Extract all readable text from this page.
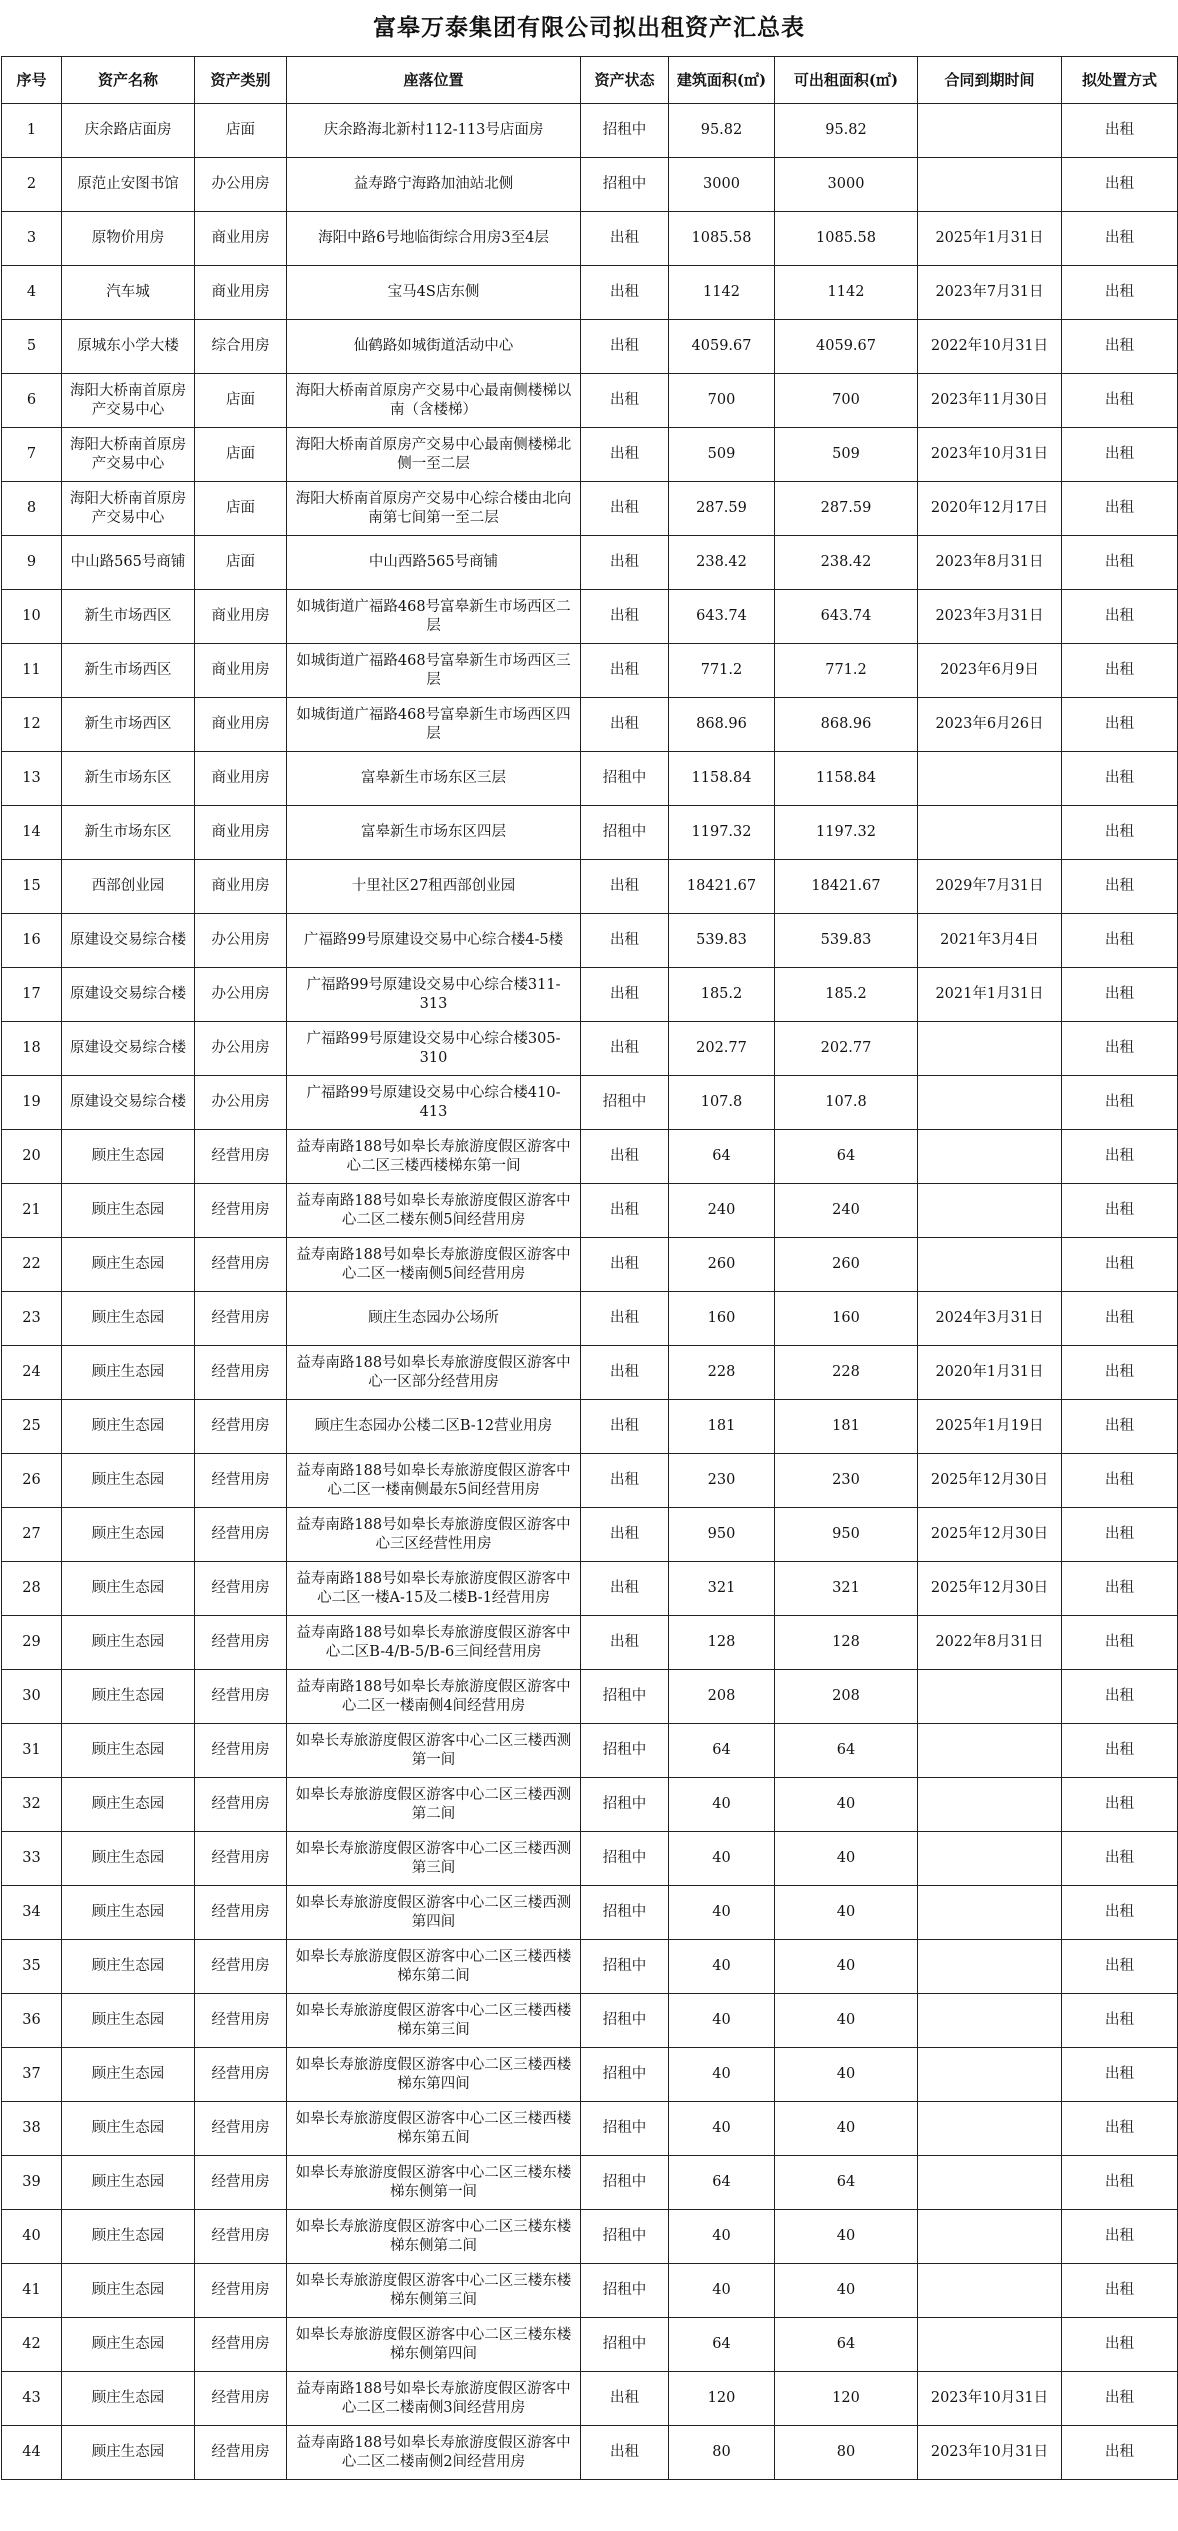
富皋万泰集团有限公司拟出租资产汇总表
序号	资产名称	资产类别	座落位置	资产状态	建筑面积(㎡)	可出租面积(㎡)	合同到期时间	拟处置方式
1	庆余路店面房	店面	庆余路海北新村112-113号店面房	招租中	95.82	95.82		出租
2	原范止安图书馆	办公用房	益寿路宁海路加油站北侧	招租中	3000	3000		出租
3	原物价用房	商业用房	海阳中路6号地临街综合用房3至4层	出租	1085.58	1085.58	2025年1月31日	出租
4	汽车城	商业用房	宝马4S店东侧	出租	1142	1142	2023年7月31日	出租
5	原城东小学大楼	综合用房	仙鹤路如城街道活动中心	出租	4059.67	4059.67	2022年10月31日	出租
6	海阳大桥南首原房产交易中心	店面	海阳大桥南首原房产交易中心最南侧楼梯以南（含楼梯）	出租	700	700	2023年11月30日	出租
7	海阳大桥南首原房产交易中心	店面	海阳大桥南首原房产交易中心最南侧楼梯北侧一至二层	出租	509	509	2023年10月31日	出租
8	海阳大桥南首原房产交易中心	店面	海阳大桥南首原房产交易中心综合楼由北向南第七间第一至二层	出租	287.59	287.59	2020年12月17日	出租
9	中山路565号商铺	店面	中山西路565号商铺	出租	238.42	238.42	2023年8月31日	出租
10	新生市场西区	商业用房	如城街道广福路468号富皋新生市场西区二层	出租	643.74	643.74	2023年3月31日	出租
11	新生市场西区	商业用房	如城街道广福路468号富皋新生市场西区三层	出租	771.2	771.2	2023年6月9日	出租
12	新生市场西区	商业用房	如城街道广福路468号富皋新生市场西区四层	出租	868.96	868.96	2023年6月26日	出租
13	新生市场东区	商业用房	富皋新生市场东区三层	招租中	1158.84	1158.84		出租
14	新生市场东区	商业用房	富皋新生市场东区四层	招租中	1197.32	1197.32		出租
15	西部创业园	商业用房	十里社区27租西部创业园	出租	18421.67	18421.67	2029年7月31日	出租
16	原建设交易综合楼	办公用房	广福路99号原建设交易中心综合楼4-5楼	出租	539.83	539.83	2021年3月4日	出租
17	原建设交易综合楼	办公用房	广福路99号原建设交易中心综合楼311-313	出租	185.2	185.2	2021年1月31日	出租
18	原建设交易综合楼	办公用房	广福路99号原建设交易中心综合楼305-310	出租	202.77	202.77		出租
19	原建设交易综合楼	办公用房	广福路99号原建设交易中心综合楼410-413	招租中	107.8	107.8		出租
20	顾庄生态园	经营用房	益寿南路188号如皋长寿旅游度假区游客中心二区三楼西楼梯东第一间	出租	64	64		出租
21	顾庄生态园	经营用房	益寿南路188号如皋长寿旅游度假区游客中心二区二楼东侧5间经营用房	出租	240	240		出租
22	顾庄生态园	经营用房	益寿南路188号如皋长寿旅游度假区游客中心二区一楼南侧5间经营用房	出租	260	260		出租
23	顾庄生态园	经营用房	顾庄生态园办公场所	出租	160	160	2024年3月31日	出租
24	顾庄生态园	经营用房	益寿南路188号如皋长寿旅游度假区游客中心一区部分经营用房	出租	228	228	2020年1月31日	出租
25	顾庄生态园	经营用房	顾庄生态园办公楼二区B-12营业用房	出租	181	181	2025年1月19日	出租
26	顾庄生态园	经营用房	益寿南路188号如皋长寿旅游度假区游客中心二区一楼南侧最东5间经营用房	出租	230	230	2025年12月30日	出租
27	顾庄生态园	经营用房	益寿南路188号如皋长寿旅游度假区游客中心三区经营性用房	出租	950	950	2025年12月30日	出租
28	顾庄生态园	经营用房	益寿南路188号如皋长寿旅游度假区游客中心二区一楼A-15及二楼B-1经营用房	出租	321	321	2025年12月30日	出租
29	顾庄生态园	经营用房	益寿南路188号如皋长寿旅游度假区游客中心二区B-4/B-5/B-6三间经营用房	出租	128	128	2022年8月31日	出租
30	顾庄生态园	经营用房	益寿南路188号如皋长寿旅游度假区游客中心二区一楼南侧4间经营用房	招租中	208	208		出租
31	顾庄生态园	经营用房	如皋长寿旅游度假区游客中心二区三楼西测第一间	招租中	64	64		出租
32	顾庄生态园	经营用房	如皋长寿旅游度假区游客中心二区三楼西测第二间	招租中	40	40		出租
33	顾庄生态园	经营用房	如皋长寿旅游度假区游客中心二区三楼西测第三间	招租中	40	40		出租
34	顾庄生态园	经营用房	如皋长寿旅游度假区游客中心二区三楼西测第四间	招租中	40	40		出租
35	顾庄生态园	经营用房	如皋长寿旅游度假区游客中心二区三楼西楼梯东第二间	招租中	40	40		出租
36	顾庄生态园	经营用房	如皋长寿旅游度假区游客中心二区三楼西楼梯东第三间	招租中	40	40		出租
37	顾庄生态园	经营用房	如皋长寿旅游度假区游客中心二区三楼西楼梯东第四间	招租中	40	40		出租
38	顾庄生态园	经营用房	如皋长寿旅游度假区游客中心二区三楼西楼梯东第五间	招租中	40	40		出租
39	顾庄生态园	经营用房	如皋长寿旅游度假区游客中心二区三楼东楼梯东侧第一间	招租中	64	64		出租
40	顾庄生态园	经营用房	如皋长寿旅游度假区游客中心二区三楼东楼梯东侧第二间	招租中	40	40		出租
41	顾庄生态园	经营用房	如皋长寿旅游度假区游客中心二区三楼东楼梯东侧第三间	招租中	40	40		出租
42	顾庄生态园	经营用房	如皋长寿旅游度假区游客中心二区三楼东楼梯东侧第四间	招租中	64	64		出租
43	顾庄生态园	经营用房	益寿南路188号如皋长寿旅游度假区游客中心二区二楼南侧3间经营用房	出租	120	120	2023年10月31日	出租
44	顾庄生态园	经营用房	益寿南路188号如皋长寿旅游度假区游客中心二区二楼南侧2间经营用房	出租	80	80	2023年10月31日	出租
